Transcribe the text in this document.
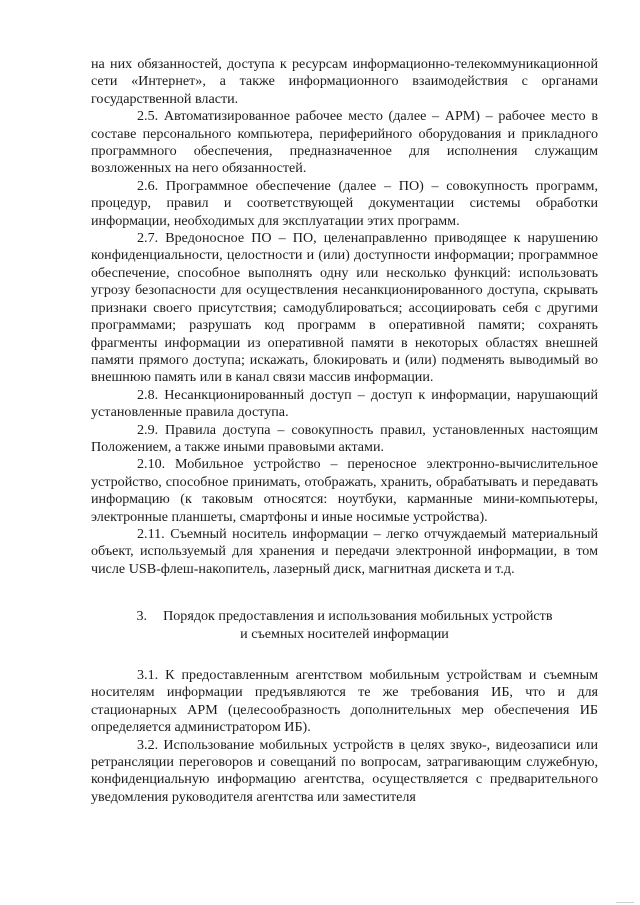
на них обязанностей, доступа к ресурсам информационно-телекоммуникационной сети «Интернет», а также информационного взаимодействия с органами государственной власти.

2.5. Автоматизированное рабочее место (далее – АРМ) – рабочее место в составе персонального компьютера, периферийного оборудования и прикладного программного обеспечения, предназначенное для исполнения служащим возложенных на него обязанностей.

2.6. Программное обеспечение (далее – ПО) – совокупность программ, процедур, правил и соответствующей документации системы обработки информации, необходимых для эксплуатации этих программ.

2.7. Вредоносное ПО – ПО, целенаправленно приводящее к нарушению конфиденциальности, целостности и (или) доступности информации; программное обеспечение, способное выполнять одну или несколько функций: использовать угрозу безопасности для осуществления несанкционированного доступа, скрывать признаки своего присутствия; самодублироваться; ассоциировать себя с другими программами; разрушать код программ в оперативной памяти; сохранять фрагменты информации из оперативной памяти в некоторых областях внешней памяти прямого доступа; искажать, блокировать и (или) подменять выводимый во внешнюю память или в канал связи массив информации.

2.8. Несанкционированный доступ – доступ к информации, нарушающий установленные правила доступа.

2.9. Правила доступа – совокупность правил, установленных настоящим Положением, а также иными правовыми актами.

2.10. Мобильное устройство – переносное электронно-вычислительное устройство, способное принимать, отображать, хранить, обрабатывать и передавать информацию (к таковым относятся: ноутбуки, карманные мини-компьютеры, электронные планшеты, смартфоны и иные носимые устройства).

2.11. Съемный носитель информации – легко отчуждаемый материальный объект, используемый для хранения и передачи электронной информации, в том числе USB-флеш-накопитель, лазерный диск, магнитная дискета и т.д.

3. Порядок предоставления и использования мобильных устройств
и съемных носителей информации

3.1. К предоставленным агентством мобильным устройствам и съемным носителям информации предъявляются те же требования ИБ, что и для стационарных АРМ (целесообразность дополнительных мер обеспечения ИБ определяется администратором ИБ).

3.2. Использование мобильных устройств в целях звуко-, видеозаписи или ретрансляции переговоров и совещаний по вопросам, затрагивающим служебную, конфиденциальную информацию агентства, осуществляется с предварительного уведомления руководителя агентства или заместителя
